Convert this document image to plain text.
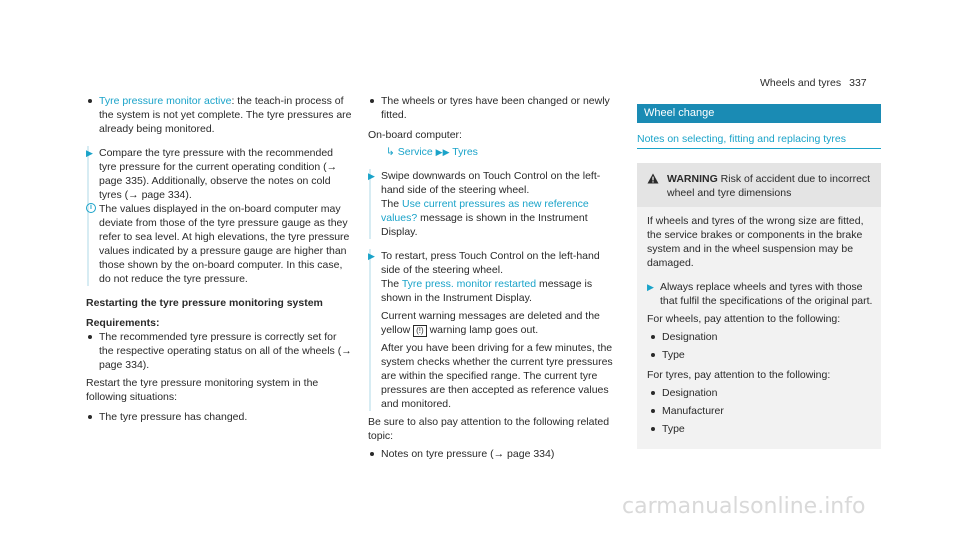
Wheels and tyres 337
Tyre pressure monitor active: the teach-in process of the system is not yet complete. The tyre pressures are already being monitored.
▶ Compare the tyre pressure with the recommended tyre pressure for the current operating condition (→ page 335). Additionally, observe the notes on cold tyres (→ page 334).

i The values displayed in the on-board computer may deviate from those of the tyre pressure gauge as they refer to sea level. At high elevations, the tyre pressure values indicated by a pressure gauge are higher than those shown by the on-board computer. In this case, do not reduce the tyre pressure.

Restarting the tyre pressure monitoring system
Requirements:
The recommended tyre pressure is correctly set for the respective operating status on all of the wheels (→ page 334).

Restart the tyre pressure monitoring system in the following situations:

The tyre pressure has changed.
The wheels or tyres have been changed or newly fitted.

On-board computer:

↳ Service ▶▶ Tyres
▶ Swipe downwards on Touch Control on the left-hand side of the steering wheel.

The Use current pressures as new reference values? message is shown in the Instrument Display.

▶ To restart, press Touch Control on the left-hand side of the steering wheel.

The Tyre press. monitor restarted message is shown in the Instrument Display.

Current warning messages are deleted and the yellow (!) warning lamp goes out.

After you have been driving for a few minutes, the system checks whether the current tyre pressures are within the specified range. The current tyre pressures are then accepted as reference values and monitored.

Be sure to also pay attention to the following related topic:

Notes on tyre pressure (→ page 334)
Wheel change
Notes on selecting, fitting and replacing tyres
WARNING Risk of accident due to incorrect wheel and tyre dimensions

If wheels and tyres of the wrong size are fitted, the service brakes or components in the brake system and in the wheel suspension may be damaged.

▶ Always replace wheels and tyres with those that fulfil the specifications of the original part.

For wheels, pay attention to the following:

Designation
Type

For tyres, pay attention to the following:

Designation
Manufacturer
Type
carmanualsonline.info
